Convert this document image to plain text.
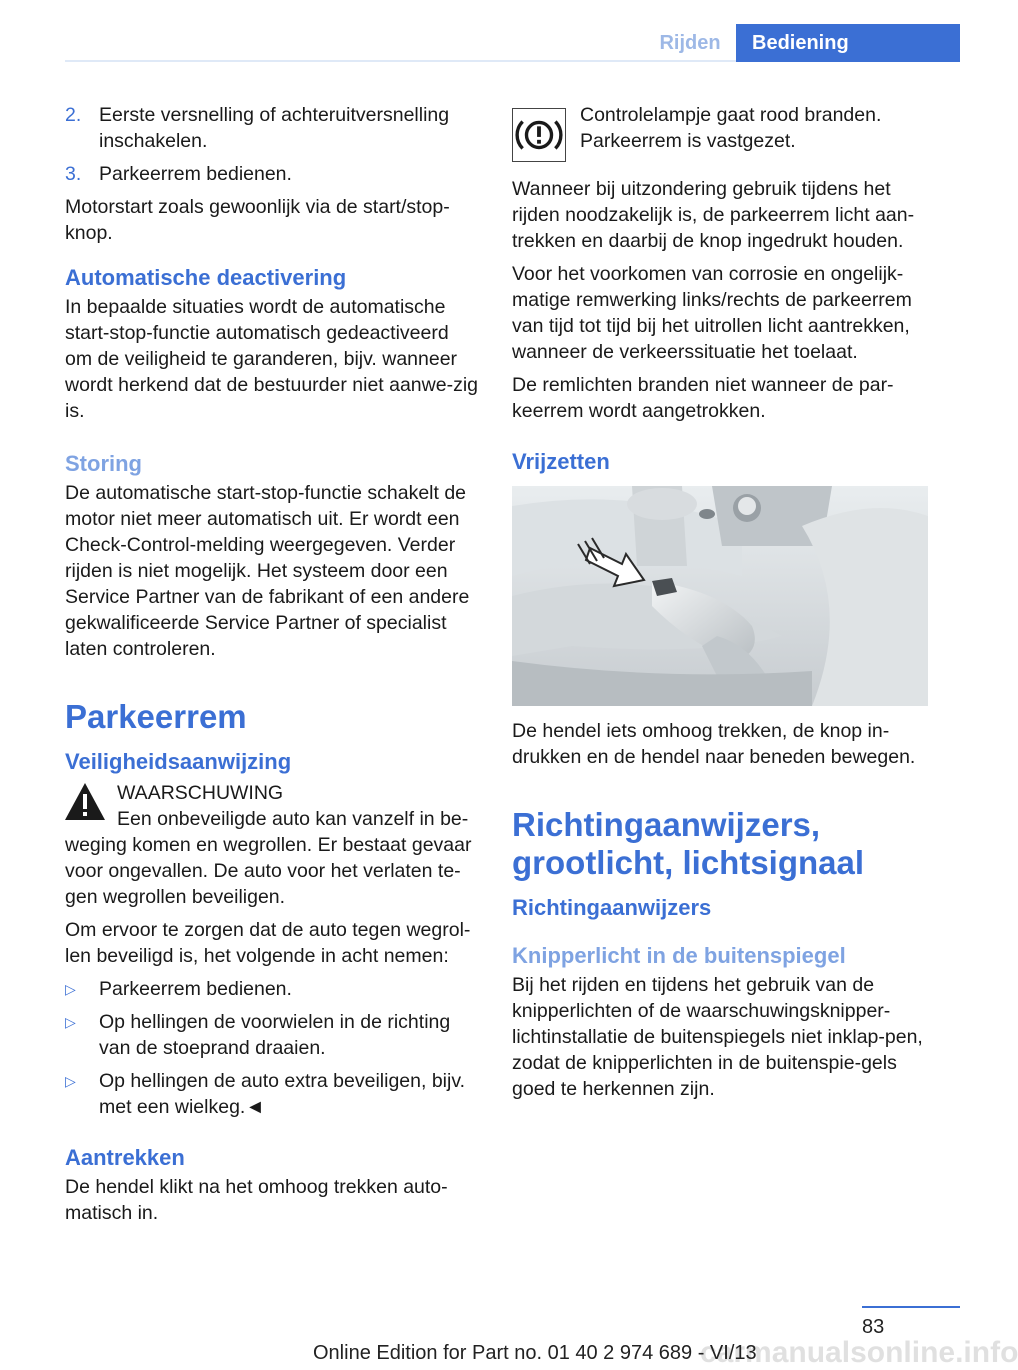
Rijden	Bediening
2. Eerste versnelling of achteruitversnelling inschakelen.
3. Parkeerrem bedienen.

Motorstart zoals gewoonlijk via de start/stop-knop.

Automatische deactivering

In bepaalde situaties wordt de automatische start-stop-functie automatisch gedeactiveerd om de veiligheid te garanderen, bijv. wanneer wordt herkend dat de bestuurder niet aanwe-zig is.

Storing

De automatische start-stop-functie schakelt de motor niet meer automatisch uit. Er wordt een Check-Control-melding weergegeven. Verder rijden is niet mogelijk. Het systeem door een Service Partner van de fabrikant of een andere gekwalificeerde Service Partner of specialist laten controleren.

Parkeerrem
Veiligheidsaanwijzing
WAARSCHUWING

Een onbeveiligde auto kan vanzelf in be-weging komen en wegrollen. Er bestaat gevaar voor ongevallen. De auto voor het verlaten te-gen wegrollen beveiligen.

Om ervoor te zorgen dat de auto tegen wegrol-len beveiligd is, het volgende in acht nemen:

▷ Parkeerrem bedienen.
▷ Op hellingen de voorwielen in de richting van de stoeprand draaien.
▷ Op hellingen de auto extra beveiligen, bijv. met een wielkeg.◄
Aantrekken

De hendel klikt na het omhoog trekken auto-matisch in.

Controlelampje gaat rood branden. Parkeerrem is vastgezet.

Wanneer bij uitzondering gebruik tijdens het rijden noodzakelijk is, de parkeerrem licht aan-trekken en daarbij de knop ingedrukt houden.

Voor het voorkomen van corrosie en ongelijk-matige remwerking links/rechts de parkeerrem van tijd tot tijd bij het uitrollen licht aantrekken, wanneer de verkeerssituatie het toelaat.

De remlichten branden niet wanneer de par-keerrem wordt aangetrokken.

Vrijzetten

De hendel iets omhoog trekken, de knop in-drukken en de hendel naar beneden bewegen.

Richtingaanwijzers, grootlicht, lichtsignaal
Richtingaanwijzers
Knipperlicht in de buitenspiegel

Bij het rijden en tijdens het gebruik van de knipperlichten of de waarschuwingsknipper-lichtinstallatie de buitenspiegels niet inklap-pen, zodat de knipperlichten in de buitenspie-gels goed te herkennen zijn.

83
carmanualsonline.info
Online Edition for Part no. 01 40 2 974 689 - VI/13
